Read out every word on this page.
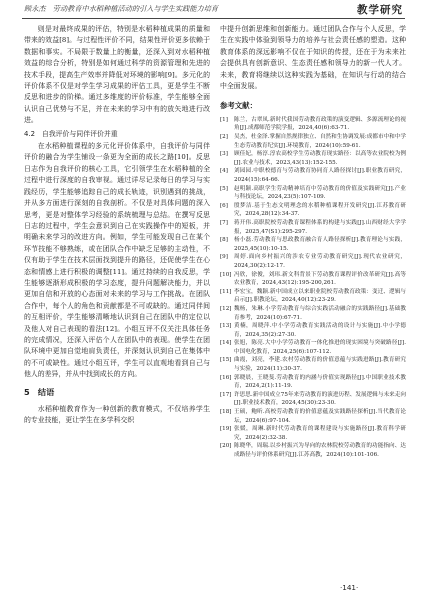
顾永杰　劳动教育中水稻种植活动的引入与学生实践能力培育	教学研究

则是对最终成果的评估，特别是水稻种植成果的质量和带来的效益[8]。与过程性评价不同，结果性评价更多依赖于数据和事实。不局限于数量上的衡量，还深入到对水稻种植效益的综合分析，特别是如何通过科学的资源管理和先进的技术手段，提高生产效率并降低对环境的影响[9]。多元化的评价体系不仅是对学生学习成果的评估工具，更是学生不断反思和进步的阶梯。通过多维度的评价标准，学生能够全面认识自己优势与不足，并在未来的学习中有的放矢地进行改进。

4.2　自我评价与同伴评价并重

在水稻种植课程的多元化评价体系中，自我评价与同伴评价的融合为学生铺设一条更为全面的成长之路[10]。反思日志作为自我评价的核心工具，它引领学生在水稻种植的全过程中进行深度的自我审视。通过详尽记录每日的学习与实践经历，学生能够追踪自己的成长轨迹，识别遇到的挑战，并从多方面进行深刻的自我剖析。不仅是对具体问题的深入思考，更是对整体学习经验的系统梳理与总结。在撰写反思日志的过程中，学生会意识到自己在实践操作中的短板，并明确未来学习的改进方向。例如，学生可能发现自己在某个环节技能不够熟练，或在团队合作中缺乏足够的主动性，不仅有助于学生在技术层面找到提升的路径，还促使学生在心态和情感上进行积极的调整[11]。通过持续的自我反思，学生能够逐渐形成积极的学习态度，提升问题解决能力，并以更加自信和开放的心态面对未来的学习与工作挑战。在团队合作中，每个人的角色和贡献都是不可或缺的。通过同伴间的互相评价，学生能够清晰地认识到自己在团队中的定位以及他人对自己表现的看法[12]。小组互评不仅关注具体任务的完成情况，还深入评估个人在团队中的表现。使学生在团队环境中更加自觉地肩负责任，并深刻认识到自己在集体中的不可或缺性。通过小组互评，学生可以直观地看到自己与他人的差异，并从中找到成长的方向。

5　结语

水稻种植教育作为一种创新的教育模式，不仅培养学生的专业技能，更让学生在多学科交织

中提升创新思维和创新能力。通过团队合作与个人反思，学生在实践中体验到领导力的培养与社会责任感的塑造。这种教育体系的深远影响不仅在于知识的传授，还在于为未来社会提供具有创新意识、生态责任感和领导力的新一代人才。未来，教育将继续以这种实践为基础，在知识与行动的结合中全面发展。

参考文献：
[1]	陈兰，古翠凤.新时代我国劳动教育政策的演变逻辑、多源流理论的视角[J].成都师范学院学报，2024,40(6):63-71.
[2]	吴杰，杜金泽.掌握自然规律独立、自然和生协调发展:成都市中和中学生态劳动教育纪实[J].环境教育，2024(10):59-61.
[3]	顾佳妃，杨淳.淳农高校学生劳动教育现实路径：以高等农业院校为例[J].农业与技术，2023,43(13):152-155.
[4]	刘园园.中职校德育与劳动教育协同育人路径探讨[J].职业教育研究，2024(15):64-66.
[5]	赵明颖.高职学生劳动精神培育中劳动教育的价值及实践研究[J].产业与科技论坛，2024,23(5):107-109.
[6]	殷梦洁.基于生态文明理念的水稻种植课程开发研究[J].江苏教育研究，2024,28(12):34-37.
[7]	蒋开伟.高职院校劳动教育课程体系的构建与实践[J].山西财经大学学报，2025,47(S1):295-297.
[8]	杨小磊.劳动教育与思政教育融合育人路径探析[J].教育理论与实践，2025,45(10):10-15.
[9]	周婷.面向乡村振兴的涉农专业劳动教育研究[J].现代农业研究，2024,30(2):12-17.
[10] 冯欣，徐俊，刘玮.新文科背景下劳动教育课程评价改革研究[J].高等农业教育，2024,43(12):195-200,261.
[11] 李宏宝，魏颖.新中国成立以来职业院校劳动教育政策：变迁、逻辑与启示[J].职教论坛，2024,40(12):23-29.
[12] 魏杨，朱琳.小学劳动教育与综合实践活动融合的实践路径[J].基础教育参考，2024(10):67-71.
[13] 黄楠，周晓萍.中小学劳动教育实践活动的设计与实施[J].中小学德育，2024,35(2):27-30.
[14] 张旭，陈亮.大中小学劳动教育一体化推进的现实困境与突破路径[J].中国电化教育，2024,25(6):107-112.
[15] 曲霞，刘亮，李建.农村劳动教育的价值意蕴与实践进路[J].教育研究与实验，2024(11):30-37.
[16] 郭晓晨，王晓斐.劳动教育的内涵与价值实现路径[J].中国职业技术教育，2024,2(1):11-19.
[17] 许思思.新中国成立75年来劳动教育的演进历程、发展逻辑与未来走向[J].职业技术教育，2024,45(30):23-30.
[18] 王硕，鲍昕.高校劳动教育的价值意蕴及实践路径探析[J].当代教育论坛，2024(6):97-104.
[19] 张媛，周琳.新时代劳动教育的课程建设与实施路径[J].教育科学研究，2024(2):32-38.
[20] 陈晓华，周瑞.以乡村振兴为导向的农林院校劳动教育的功能指向、达成路径与评价体系研究[J].江苏高教，2024(10):101-106.
·141·
